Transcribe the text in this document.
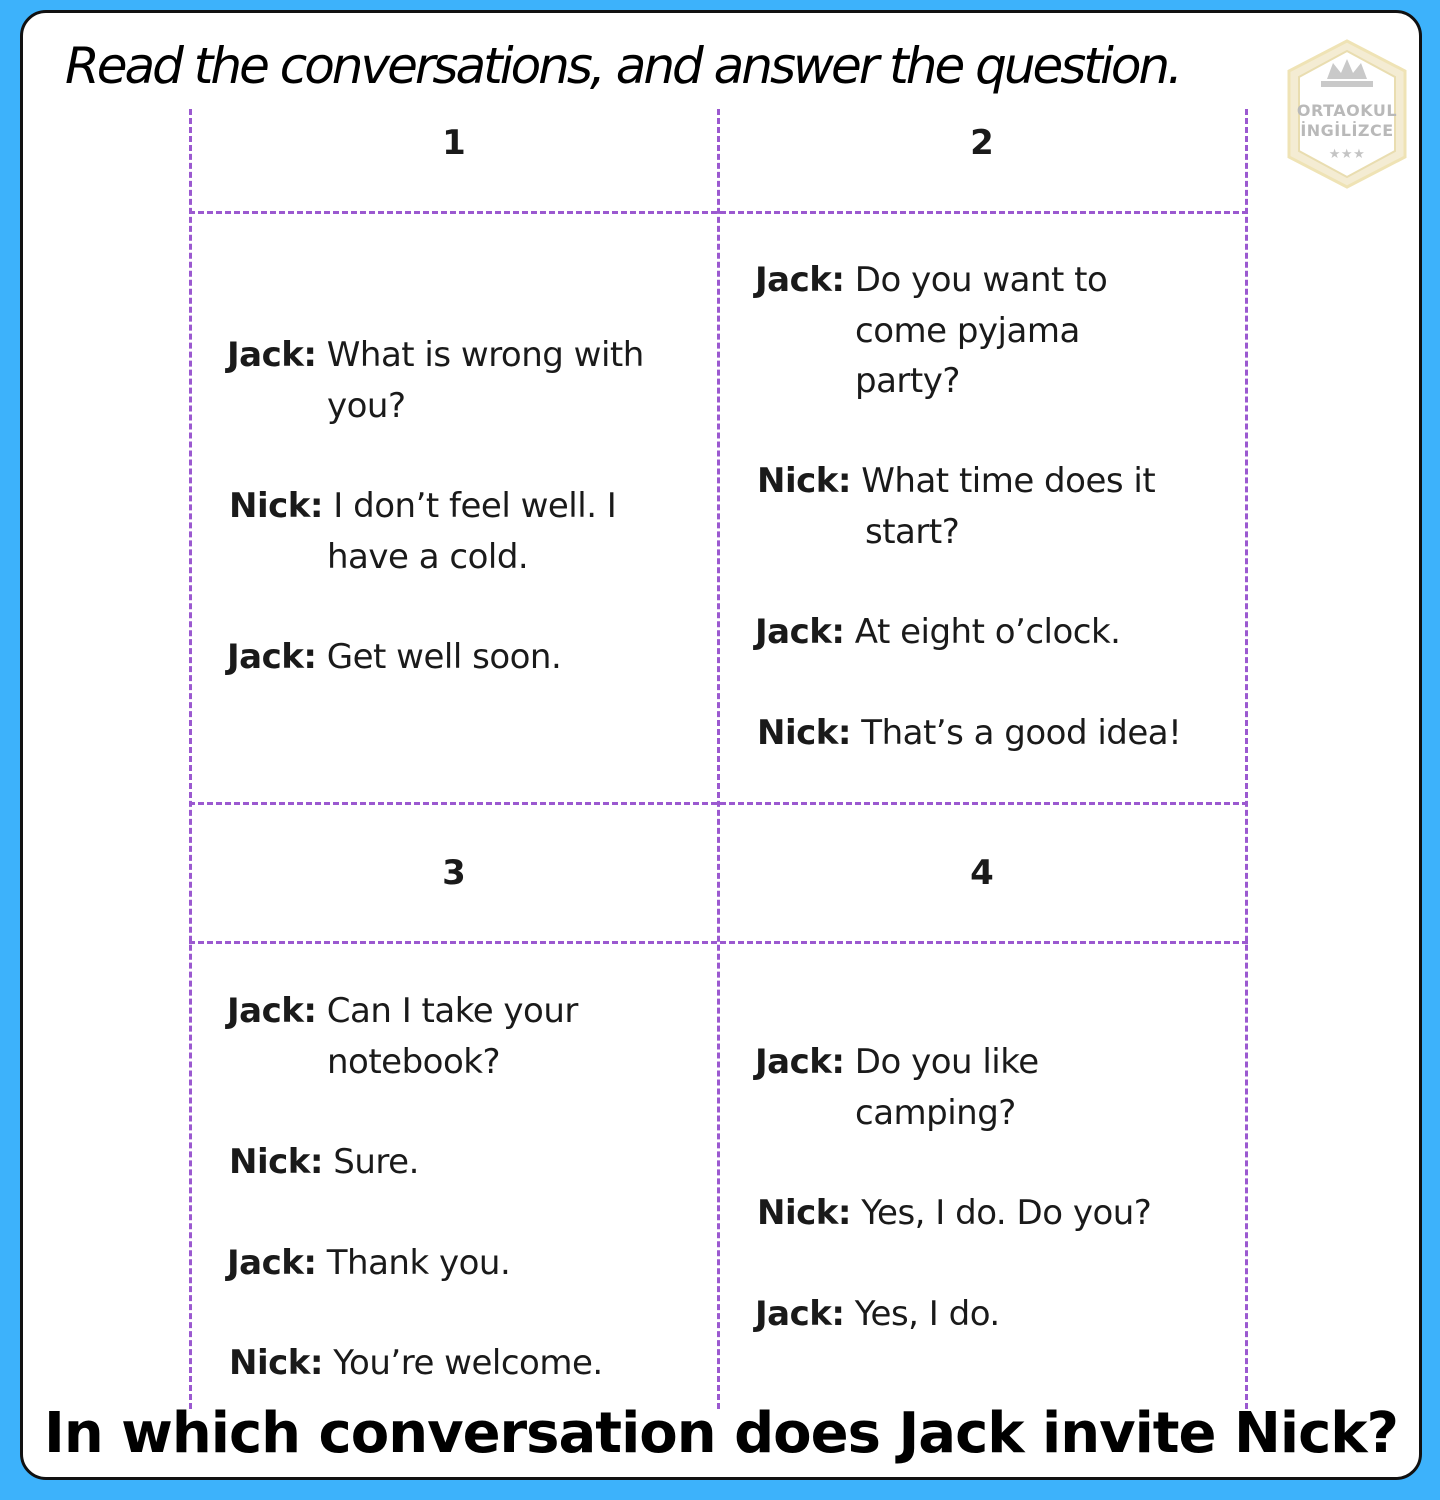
Read the conversations, and answer the question.
ORTAOKUL
İNGİLİZCE
★★★
1	2
3	4
Jack: What is wrong with
you?
Nick: I don’t feel well. I
have a cold.
Jack: Get well soon.
Jack: Do you want to
come pyjama
party?
Nick: What time does it
start?
Jack: At eight o’clock.
Nick: That’s a good idea!
Jack: Can I take your
notebook?
Nick: Sure.
Jack: Thank you.
Nick: You’re welcome.
Jack: Do you like
camping?
Nick: Yes, I do. Do you?
Jack: Yes, I do.
In which conversation does Jack invite Nick?
